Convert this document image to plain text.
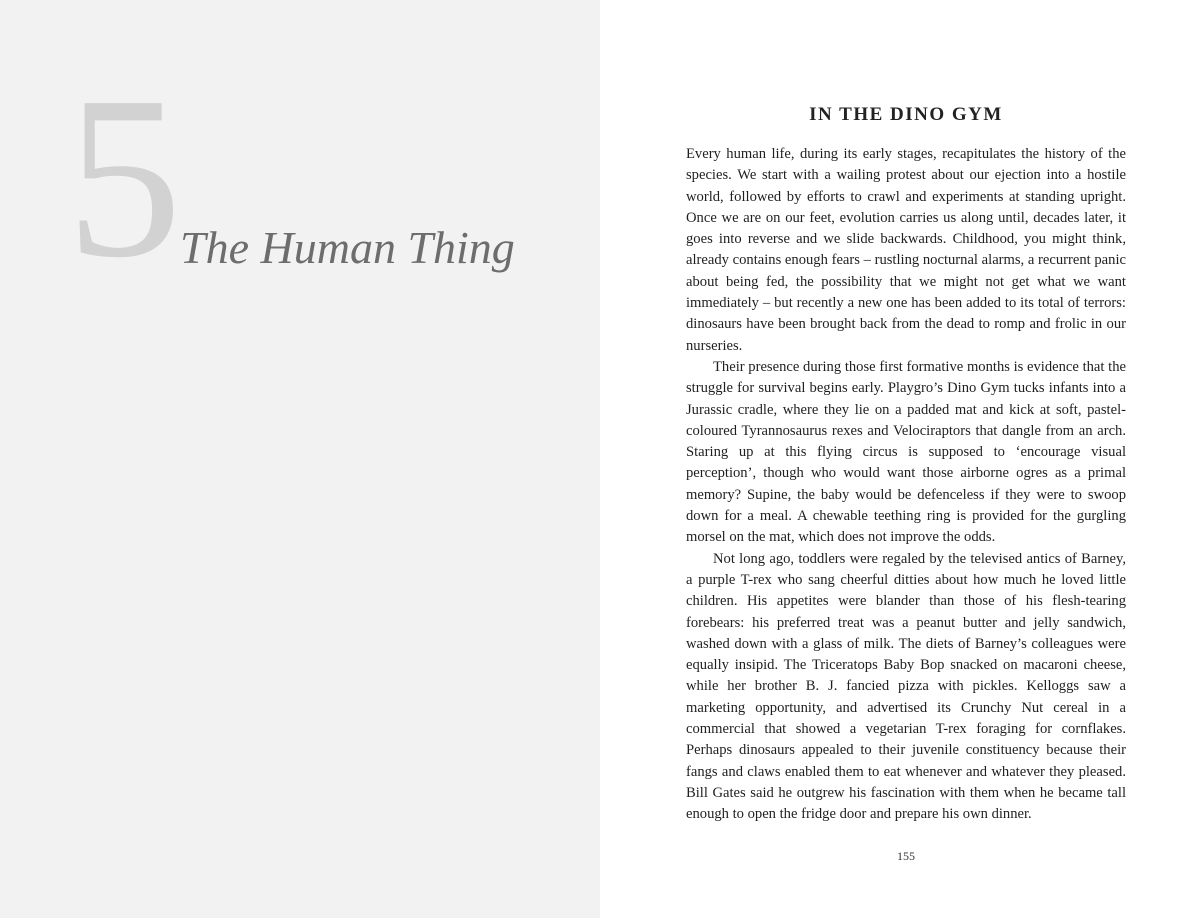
5
The Human Thing
IN THE DINO GYM

Every human life, during its early stages, recapitulates the history of the species. We start with a wailing protest about our ejection into a hostile world, followed by efforts to crawl and experiments at standing upright. Once we are on our feet, evolution carries us along until, decades later, it goes into reverse and we slide backwards. Childhood, you might think, already contains enough fears – rustling nocturnal alarms, a recurrent panic about being fed, the possibility that we might not get what we want immediately – but recently a new one has been added to its total of terrors: dinosaurs have been brought back from the dead to romp and frolic in our nurseries.

Their presence during those first formative months is evidence that the struggle for survival begins early. Playgro’s Dino Gym tucks infants into a Jurassic cradle, where they lie on a padded mat and kick at soft, pastel-coloured Tyrannosaurus rexes and Velociraptors that dangle from an arch. Staring up at this flying circus is supposed to ‘encourage visual perception’, though who would want those airborne ogres as a primal memory? Supine, the baby would be defenceless if they were to swoop down for a meal. A chewable teething ring is provided for the gurgling morsel on the mat, which does not improve the odds.

Not long ago, toddlers were regaled by the televised antics of Barney, a purple T-rex who sang cheerful ditties about how much he loved little children. His appetites were blander than those of his flesh-tearing forebears: his preferred treat was a peanut butter and jelly sandwich, washed down with a glass of milk. The diets of Barney’s colleagues were equally insipid. The Triceratops Baby Bop snacked on macaroni cheese, while her brother B. J. fancied pizza with pickles. Kelloggs saw a marketing opportunity, and advertised its Crunchy Nut cereal in a commercial that showed a vegetarian T-rex foraging for cornflakes. Perhaps dinosaurs appealed to their juvenile constituency because their fangs and claws enabled them to eat whenever and whatever they pleased. Bill Gates said he outgrew his fascination with them when he became tall enough to open the fridge door and prepare his own dinner.

155
